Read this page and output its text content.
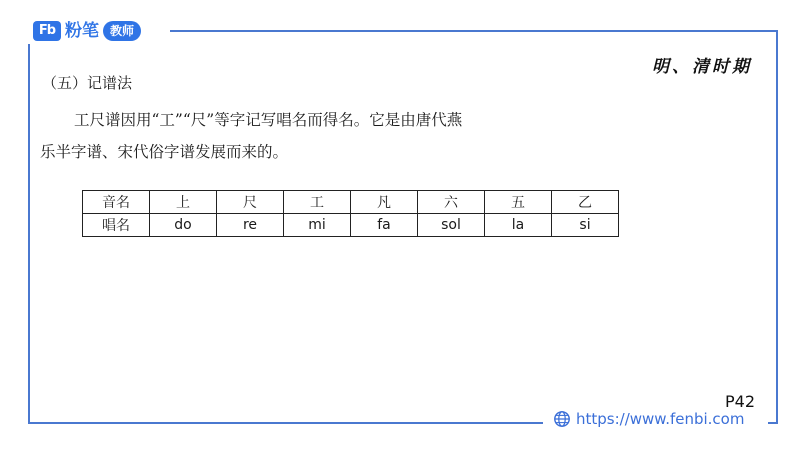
Fb 粉笔 教师
明、清时期
（五）记谱法
工尺谱因用“工”“尺”等字记写唱名而得名。它是由唐代燕乐半字谱、宋代俗字谱发展而来的。
音名	上	尺	工	凡	六	五	乙
唱名	do	re	mi	fa	sol	la	si
P42
https://www.fenbi.com
